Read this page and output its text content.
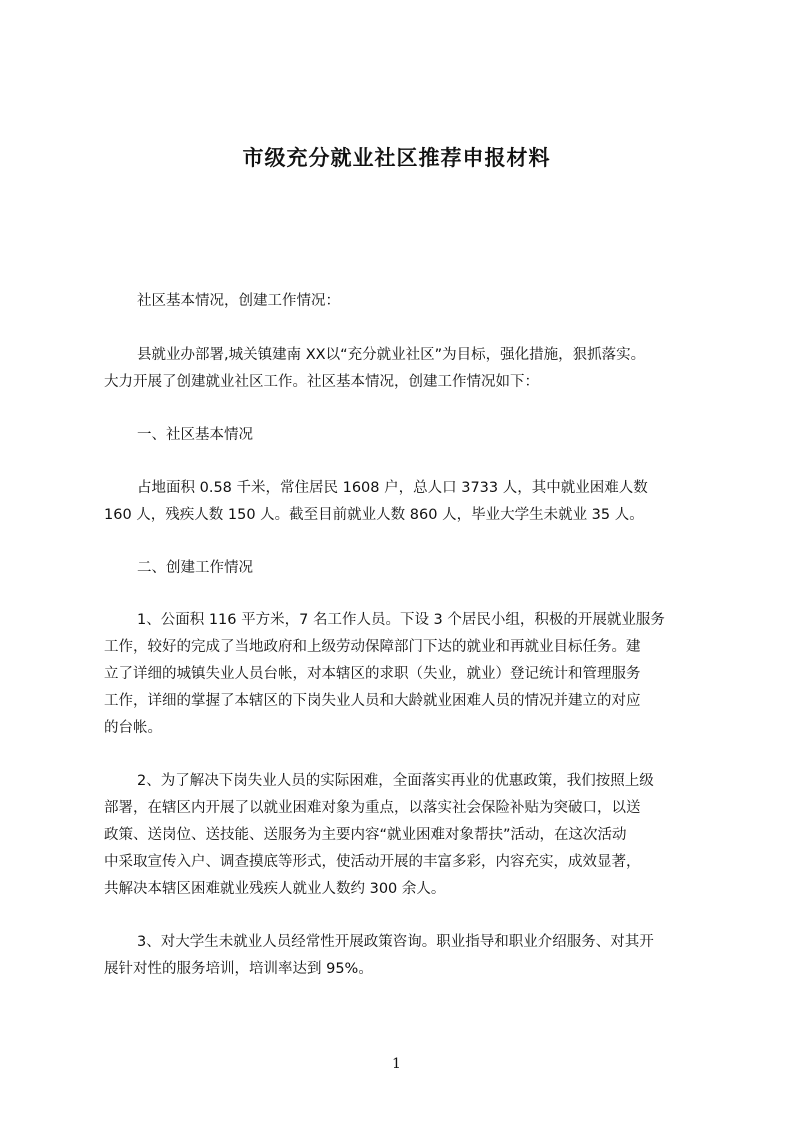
市级充分就业社区推荐申报材料
社区基本情况，创建工作情况：
县就业办部署,城关镇建南 XX以“充分就业社区”为目标，强化措施，狠抓落实。
大力开展了创建就业社区工作。社区基本情况，创建工作情况如下：
一、社区基本情况
占地面积 0.58 千米，常住居民 1608 户，总人口 3733 人，其中就业困难人数
160 人，残疾人数 150 人。截至目前就业人数 860 人，毕业大学生未就业 35 人。
二、创建工作情况
1、公面积 116 平方米，7 名工作人员。下设 3 个居民小组，积极的开展就业服务
工作，较好的完成了当地政府和上级劳动保障部门下达的就业和再就业目标任务。建
立了详细的城镇失业人员台帐，对本辖区的求职（失业，就业）登记统计和管理服务
工作，详细的掌握了本辖区的下岗失业人员和大龄就业困难人员的情况并建立的对应
的台帐。
2、为了解决下岗失业人员的实际困难，全面落实再业的优惠政策，我们按照上级
部署，在辖区内开展了以就业困难对象为重点，以落实社会保险补贴为突破口，以送
政策、送岗位、送技能、送服务为主要内容“就业困难对象帮扶”活动，在这次活动
中采取宣传入户、调查摸底等形式，使活动开展的丰富多彩，内容充实，成效显著，
共解决本辖区困难就业残疾人就业人数约 300 余人。
3、对大学生未就业人员经常性开展政策咨询。职业指导和职业介绍服务、对其开
展针对性的服务培训，培训率达到 95%。
1
